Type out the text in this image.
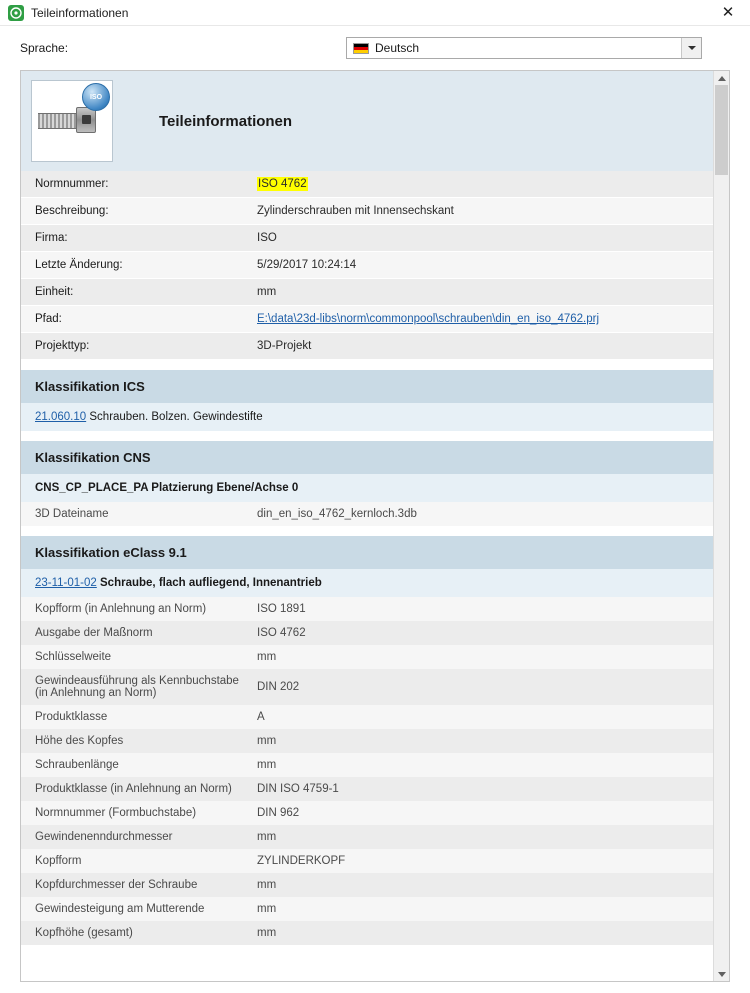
Teileinformationen	✕
Sprache:	Deutsch
ISO
Teileinformationen
Normnummer:	ISO 4762
Beschreibung:	Zylinderschrauben mit Innensechskant
Firma:	ISO
Letzte Änderung:	5/29/2017 10:24:14
Einheit:	mm
Pfad:	E:\data\23d-libs\norm\commonpool\schrauben\din_en_iso_4762.prj
Projekttyp:	3D-Projekt
Klassifikation ICS
21.060.10 Schrauben. Bolzen. Gewindestifte
Klassifikation CNS
CNS_CP_PLACE_PA Platzierung Ebene/Achse 0
3D Dateiname	din_en_iso_4762_kernloch.3db
Klassifikation eClass 9.1
23-11-01-02 Schraube, flach aufliegend, Innenantrieb
Kopfform (in Anlehnung an Norm)	ISO 1891
Ausgabe der Maßnorm	ISO 4762
Schlüsselweite	mm
Gewindeausführung als Kennbuchstabe (in Anlehnung an Norm)	DIN 202
Produktklasse	A
Höhe des Kopfes	mm
Schraubenlänge	mm
Produktklasse (in Anlehnung an Norm)	DIN ISO 4759-1
Normnummer (Formbuchstabe)	DIN 962
Gewindenenndurchmesser	mm
Kopfform	ZYLINDERKOPF
Kopfdurchmesser der Schraube	mm
Gewindesteigung am Mutterende	mm
Kopfhöhe (gesamt)	mm
